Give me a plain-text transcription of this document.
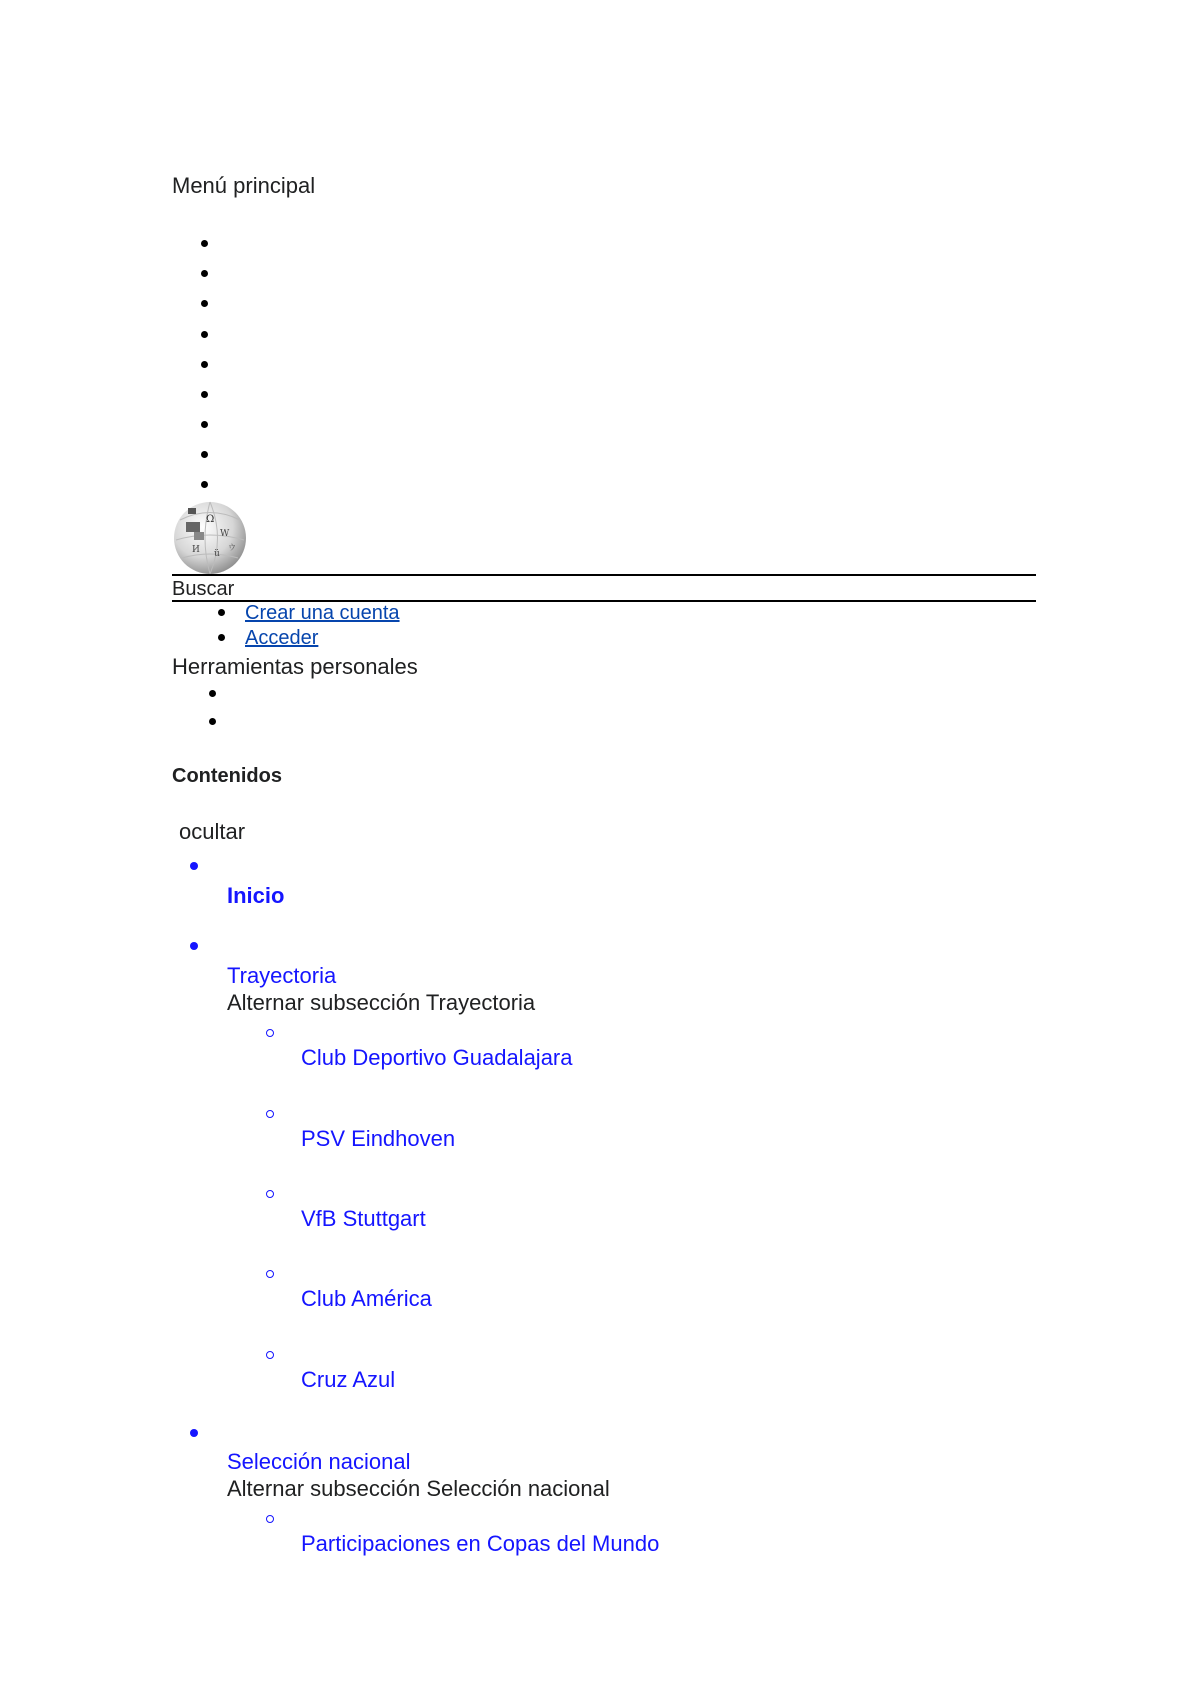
Menú principal
Ω
W
И ü
ウ
Buscar
Crear una cuenta
Acceder
Herramientas personales
Contenidos
ocultar
Inicio
Trayectoria
Alternar subsección Trayectoria
Club Deportivo Guadalajara
PSV Eindhoven
VfB Stuttgart
Club América
Cruz Azul
Selección nacional
Alternar subsección Selección nacional
Participaciones en Copas del Mundo
